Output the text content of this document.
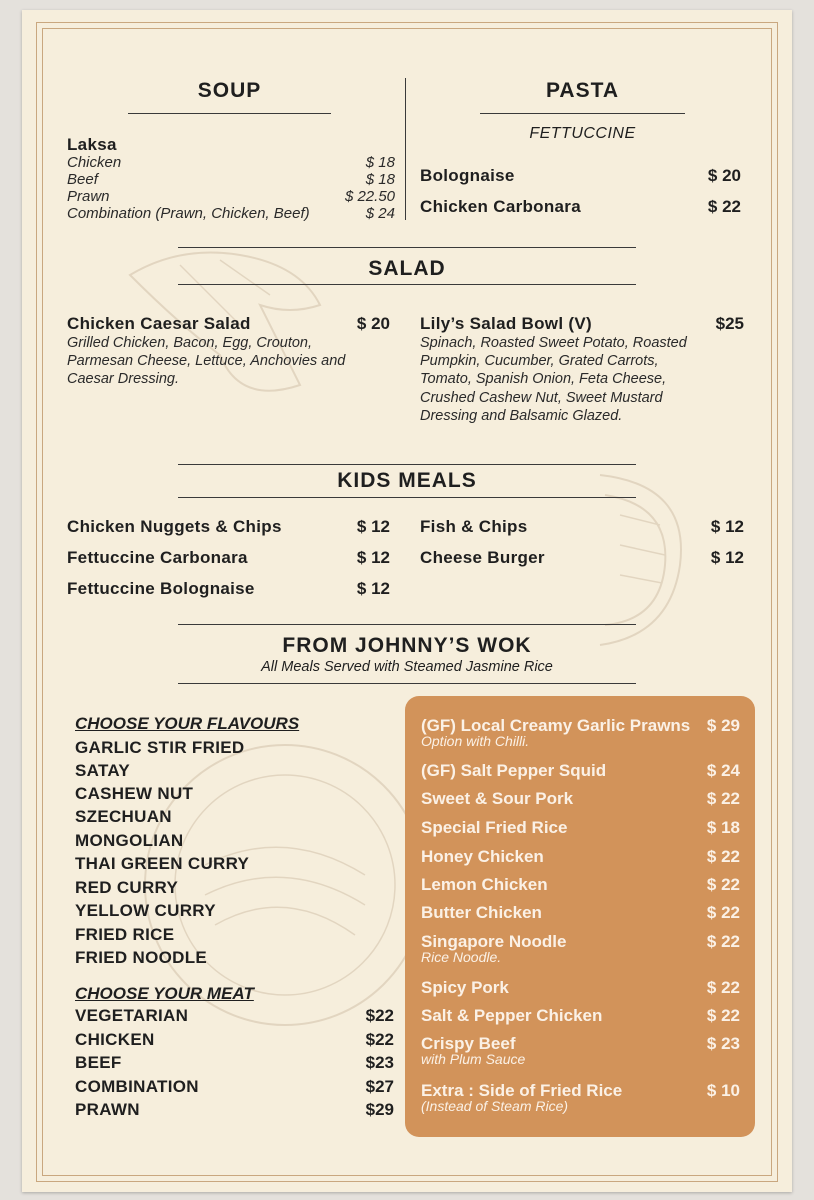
SOUP
Laksa
Chicken	$ 18
Beef	$ 18
Prawn	$ 22.50
Combination (Prawn, Chicken, Beef)	$ 24
PASTA
FETTUCCINE
Bolognaise	$ 20
Chicken Carbonara	$ 22
SALAD
Chicken Caesar Salad	$ 20
Grilled Chicken, Bacon, Egg, Crouton,
Parmesan Cheese, Lettuce, Anchovies and
Caesar Dressing.
Lily’s Salad Bowl (V)	$25
Spinach, Roasted Sweet Potato, Roasted
Pumpkin, Cucumber, Grated Carrots,
Tomato, Spanish Onion, Feta Cheese,
Crushed Cashew Nut, Sweet Mustard
Dressing and Balsamic Glazed.
KIDS MEALS
Chicken Nuggets & Chips	$ 12
Fettuccine Carbonara	$ 12
Fettuccine Bolognaise	$ 12
Fish & Chips	$ 12
Cheese Burger	$ 12
FROM JOHNNY’S WOK
All Meals Served with Steamed Jasmine Rice
CHOOSE YOUR FLAVOURS
GARLIC STIR FRIED
SATAY
CASHEW NUT
SZECHUAN
MONGOLIAN
THAI GREEN CURRY
RED CURRY
YELLOW CURRY
FRIED RICE
FRIED NOODLE
CHOOSE YOUR MEAT
VEGETARIAN	$22
CHICKEN	$22
BEEF	$23
COMBINATION	$27
PRAWN	$29
(GF) Local Creamy Garlic Prawns $ 29
Option with Chilli.
(GF) Salt Pepper Squid	$ 24
Sweet & Sour Pork	$ 22
Special Fried Rice	$ 18
Honey Chicken	$ 22
Lemon Chicken	$ 22
Butter Chicken	$ 22
Singapore Noodle	$ 22
Rice Noodle.
Spicy Pork	$ 22
Salt & Pepper Chicken	$ 22
Crispy Beef	$ 23
with Plum Sauce
Extra : Side of Fried Rice	$ 10
(Instead of Steam Rice)
